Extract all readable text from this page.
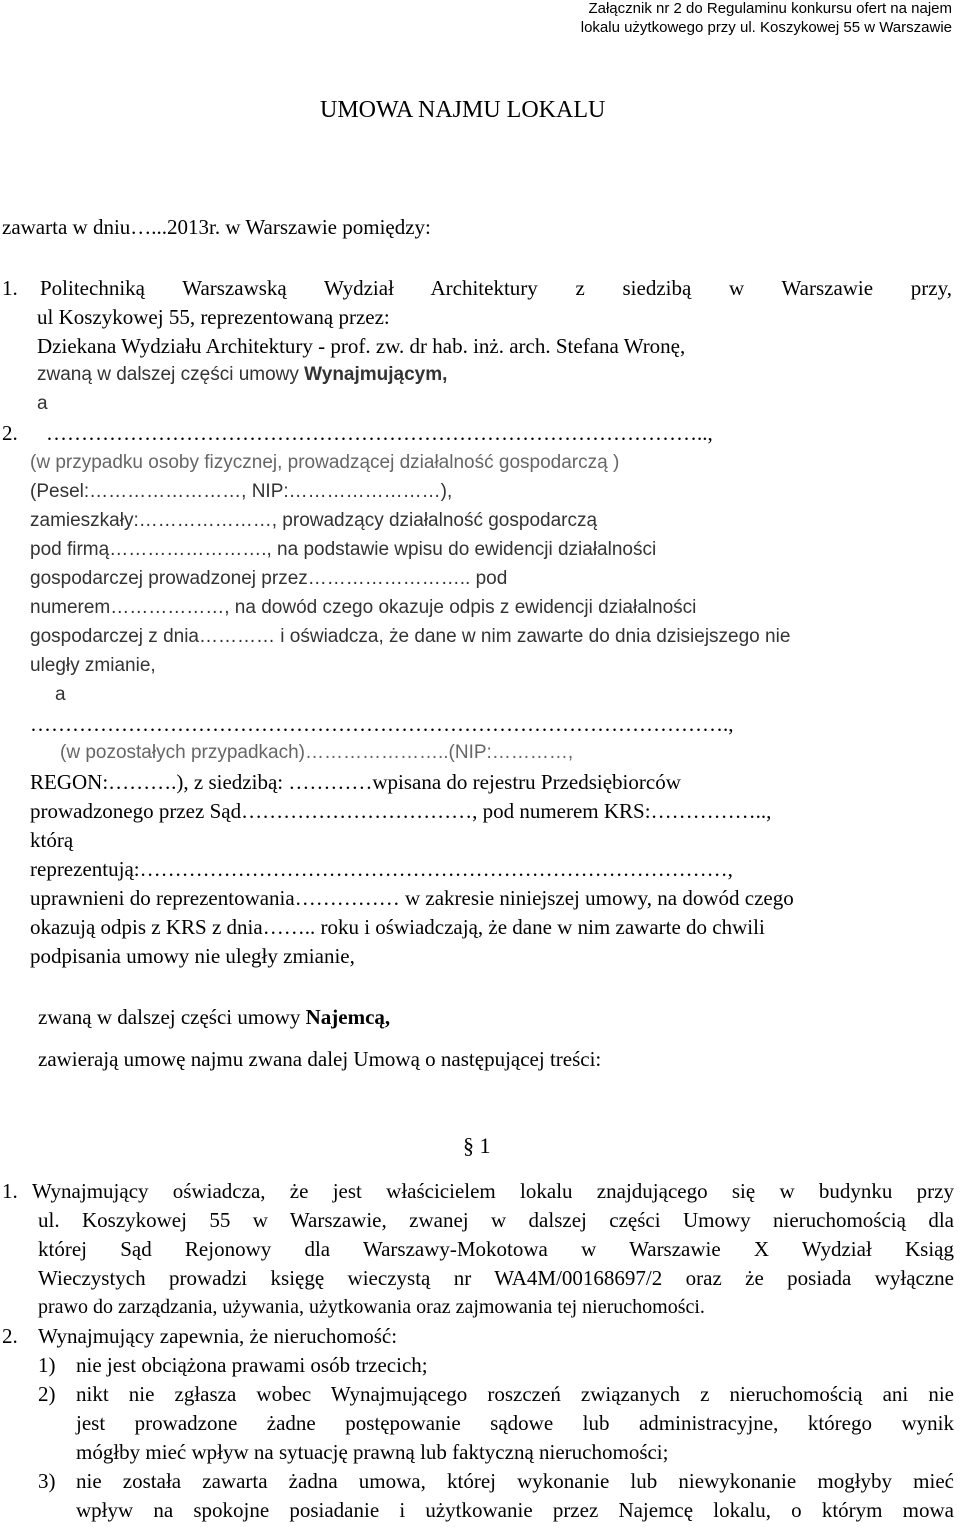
Załącznik nr 2 do Regulaminu konkursu ofert na najem
lokalu użytkowego przy ul. Koszykowej 55 w Warszawie
UMOWA NAJMU LOKALU
zawarta w dniu…...2013r. w Warszawie pomiędzy:
1. Politechniką Warszawską Wydział Architektury z siedzibą w Warszawie przy,
ul Koszykowej 55, reprezentowaną przez:
Dziekana Wydziału Architektury - prof. zw. dr hab. inż. arch. Stefana Wronę,
zwaną w dalszej części umowy Wynajmującym,
a
2. …………………………………………………………………………………..,
(w przypadku osoby fizycznej, prowadzącej działalność gospodarczą )
(Pesel:……………………, NIP:……………………),
zamieszkały:…………………, prowadzący działalność gospodarczą
pod firmą……………………., na podstawie wpisu do ewidencji działalności
gospodarczej prowadzonej przez…………………….. pod
numerem………………, na dowód czego okazuje odpis z ewidencji działalności
gospodarczej z dnia………… i oświadcza, że dane w nim zawarte do dnia dzisiejszego nie
uległy zmianie,
a
……………………………………………………………………………………….,
(w pozostałych przypadkach)…………………..(NIP:…………,
REGON:……….), z siedzibą: …………wpisana do rejestru Przedsiębiorców
prowadzonego przez Sąd……………………………, pod numerem KRS:……………..,
którą
reprezentują:…………………………………………………………………………,
uprawnieni do reprezentowania…………… w zakresie niniejszej umowy, na dowód czego
okazują odpis z KRS z dnia…….. roku i oświadczają, że dane w nim zawarte do chwili
podpisania umowy nie uległy zmianie,
zwaną w dalszej części umowy Najemcą,
zawierają umowę najmu zwana dalej Umową o następującej treści:
§ 1
1. Wynajmujący oświadcza, że jest właścicielem lokalu znajdującego się w budynku przy
ul. Koszykowej 55 w Warszawie, zwanej w dalszej części Umowy nieruchomością dla
której Sąd Rejonowy dla Warszawy-Mokotowa w Warszawie X Wydział Ksiąg
Wieczystych prowadzi księgę wieczystą nr WA4M/00168697/2 oraz że posiada wyłączne
prawo do zarządzania, używania, użytkowania oraz zajmowania tej nieruchomości.
2. Wynajmujący zapewnia, że nieruchomość:
1) nie jest obciążona prawami osób trzecich;
2) nikt nie zgłasza wobec Wynajmującego roszczeń związanych z nieruchomością ani nie
jest prowadzone żadne postępowanie sądowe lub administracyjne, którego wynik
mógłby mieć wpływ na sytuację prawną lub faktyczną nieruchomości;
3) nie została zawarta żadna umowa, której wykonanie lub niewykonanie mogłyby mieć
wpływ na spokojne posiadanie i użytkowanie przez Najemcę lokalu, o którym mowa
